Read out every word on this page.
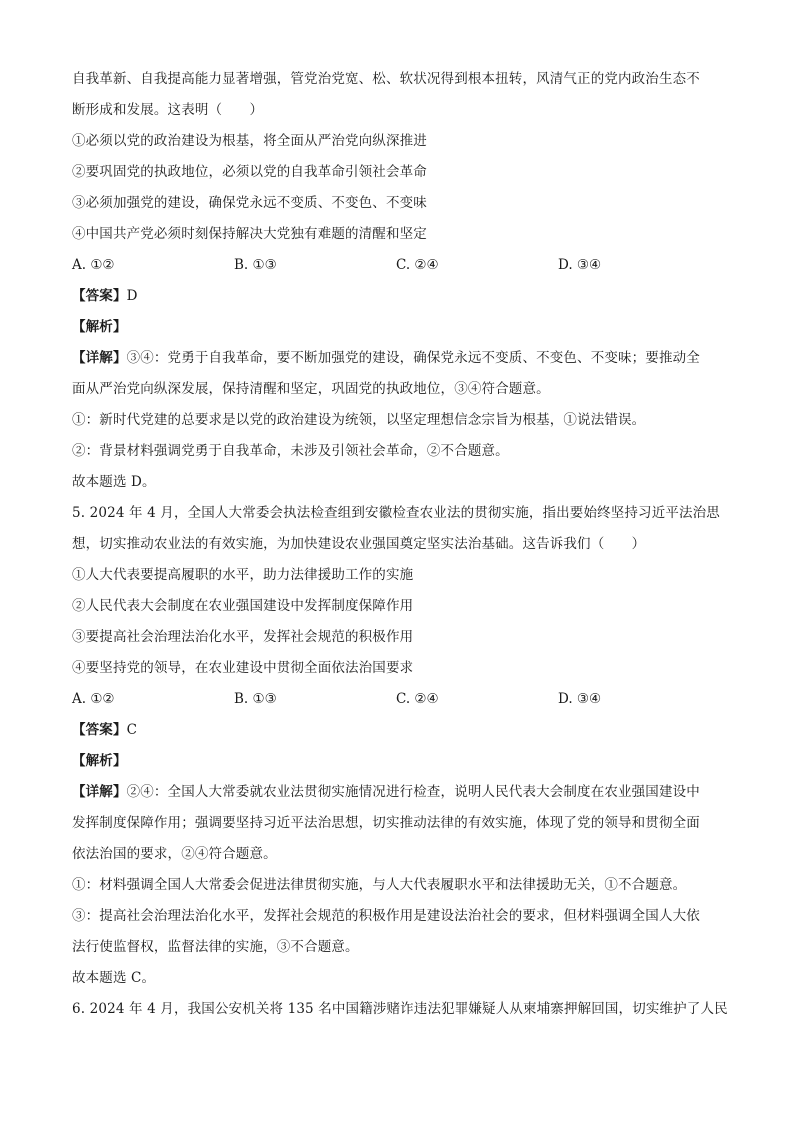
自我革新、自我提高能力显著增强，管党治党宽、松、软状况得到根本扭转，风清气正的党内政治生态不
断形成和发展。这表明（　　）
①必须以党的政治建设为根基，将全面从严治党向纵深推进
②要巩固党的执政地位，必须以党的自我革命引领社会革命
③必须加强党的建设，确保党永远不变质、不变色、不变味
④中国共产党必须时刻保持解决大党独有难题的清醒和坚定
A. ①②	B. ①③	C. ②④	D. ③④
【答案】D
【解析】
【详解】③④：党勇于自我革命，要不断加强党的建设，确保党永远不变质、不变色、不变味；要推动全
面从严治党向纵深发展，保持清醒和坚定，巩固党的执政地位，③④符合题意。
①：新时代党建的总要求是以党的政治建设为统领，以坚定理想信念宗旨为根基，①说法错误。
②：背景材料强调党勇于自我革命，未涉及引领社会革命，②不合题意。
故本题选 D。
5. 2024 年 4 月，全国人大常委会执法检查组到安徽检查农业法的贯彻实施，指出要始终坚持习近平法治思
想，切实推动农业法的有效实施，为加快建设农业强国奠定坚实法治基础。这告诉我们（　　）
①人大代表要提高履职的水平，助力法律援助工作的实施
②人民代表大会制度在农业强国建设中发挥制度保障作用
③要提高社会治理法治化水平，发挥社会规范的积极作用
④要坚持党的领导，在农业建设中贯彻全面依法治国要求
A. ①②	B. ①③	C. ②④	D. ③④
【答案】C
【解析】
【详解】②④：全国人大常委就农业法贯彻实施情况进行检查，说明人民代表大会制度在农业强国建设中
发挥制度保障作用；强调要坚持习近平法治思想，切实推动法律的有效实施，体现了党的领导和贯彻全面
依法治国的要求，②④符合题意。
①：材料强调全国人大常委会促进法律贯彻实施，与人大代表履职水平和法律援助无关，①不合题意。
③：提高社会治理法治化水平，发挥社会规范的积极作用是建设法治社会的要求，但材料强调全国人大依
法行使监督权，监督法律的实施，③不合题意。
故本题选 C。
6. 2024 年 4 月，我国公安机关将 135 名中国籍涉赌诈违法犯罪嫌疑人从柬埔寨押解回国，切实维护了人民
